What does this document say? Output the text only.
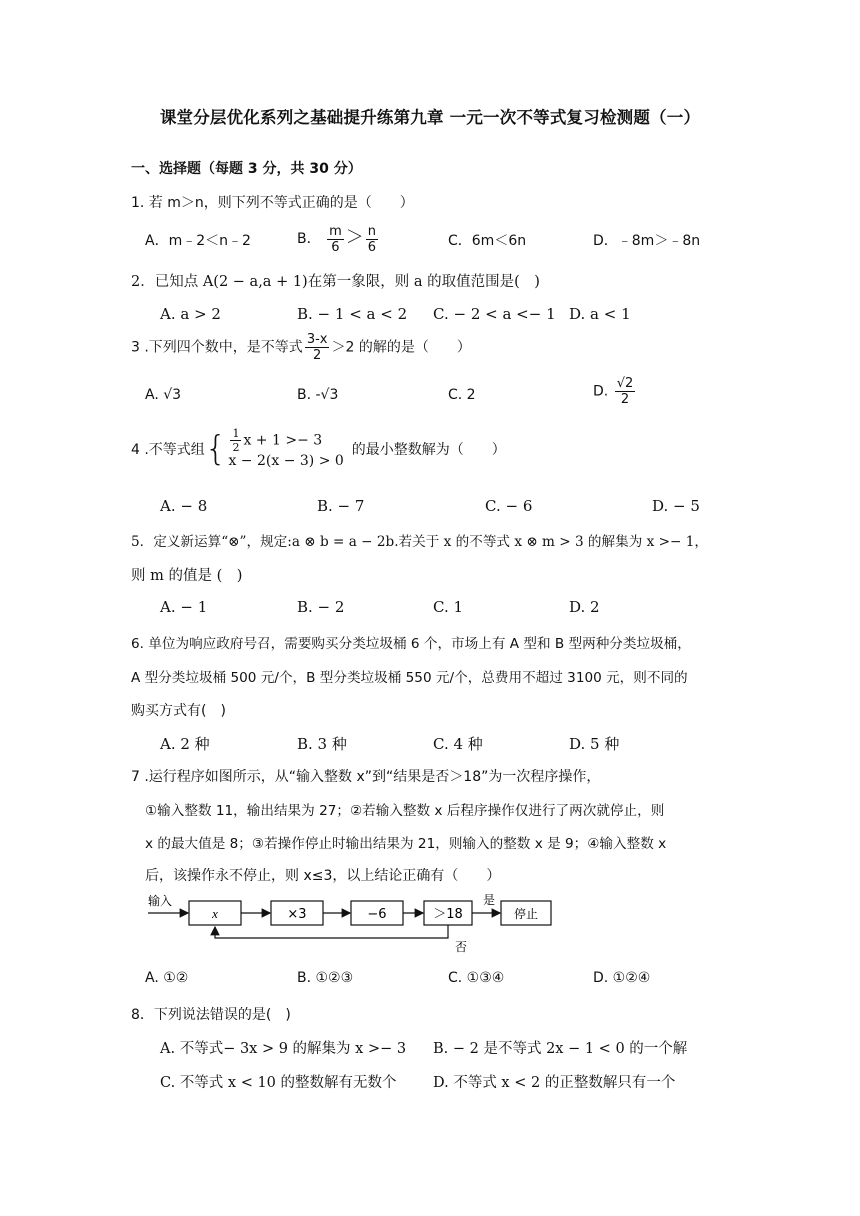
课堂分层优化系列之基础提升练第九章 一元一次不等式复习检测题（一）
一、选择题（每题 3 分，共 30 分）
1. 若 m＞n，则下列不等式正确的是（　　）
A．m﹣2＜n﹣2	B． $\frac{m}{6} > \frac{n}{6}$	C．6m＜6n	D．﹣8m＞﹣8n
2．已知点 A(2 − a,a + 1)在第一象限，则 a 的取值范围是(　)
A. a > 2	B. − 1 < a < 2 C. − 2 < a <− 1 D. a < 1
3 .下列四个数中，是不等式 $\frac{3-x}{2} >2$ 的解的是（　　）
A. √3	B. -√3	C. 2	D. $\frac{√2}{2}$
4 .不等式组 { $\frac{1}{2}$ x + 1 >− 3
x − 2(x − 3) > 0
的最小整数解为（　　）
A. − 8	B. − 7	C. − 6	D. − 5
5．定义新运算“⊗”，规定:a ⊗ b = a − 2b.若关于 x 的不等式 x ⊗ m > 3 的解集为 x >− 1，
则 m 的值是 (　)
A. − 1	B. − 2	C. 1	D. 2
6. 单位为响应政府号召，需要购买分类垃圾桶 6 个，市场上有 A 型和 B 型两种分类垃圾桶，
A 型分类垃圾桶 500 元/个，B 型分类垃圾桶 550 元/个，总费用不超过 3100 元，则不同的
购买方式有(　)
A. 2 种	B. 3 种	C. 4 种	D. 5 种
7 .运行程序如图所示，从“输入整数 x”到“结果是否＞18”为一次程序操作，
①输入整数 11，输出结果为 27；②若输入整数 x 后程序操作仅进行了两次就停止，则
x 的最大值是 8；③若操作停止时输出结果为 21，则输入的整数 x 是 9；④输入整数 x
后，该操作永不停止，则 x≤3，以上结论正确有（　　）
输入
x	×3	−6	＞18
是
停止
否
A. ①②	B. ①②③	C. ①③④	D. ①②④
8．下列说法错误的是(　)
A. 不等式− 3x > 9 的解集为 x >− 3 B. − 2 是不等式 2x − 1 < 0 的一个解
C. 不等式 x < 10 的整数解有无数个	D. 不等式 x < 2 的正整数解只有一个
